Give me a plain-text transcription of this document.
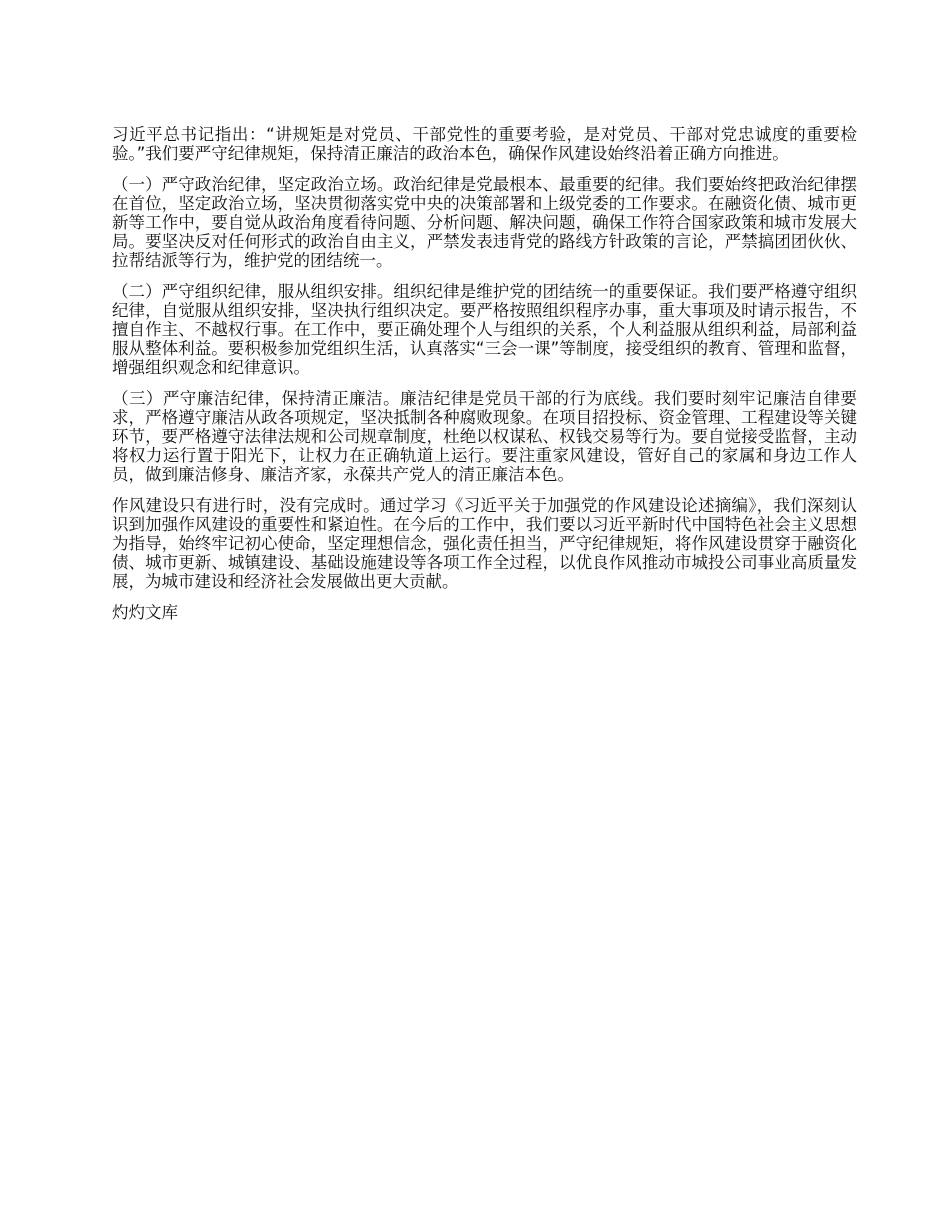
习近平总书记指出：“讲规矩是对党员、干部党性的重要考验，是对党员、干部对党忠诚度的重要检验。”我们要严守纪律规矩，保持清正廉洁的政治本色，确保作风建设始终沿着正确方向推进。

（一）严守政治纪律，坚定政治立场。政治纪律是党最根本、最重要的纪律。我们要始终把政治纪律摆在首位，坚定政治立场，坚决贯彻落实党中央的决策部署和上级党委的工作要求。在融资化债、城市更新等工作中，要自觉从政治角度看待问题、分析问题、解决问题，确保工作符合国家政策和城市发展大局。要坚决反对任何形式的政治自由主义，严禁发表违背党的路线方针政策的言论，严禁搞团团伙伙、拉帮结派等行为，维护党的团结统一。

（二）严守组织纪律，服从组织安排。组织纪律是维护党的团结统一的重要保证。我们要严格遵守组织纪律，自觉服从组织安排，坚决执行组织决定。要严格按照组织程序办事，重大事项及时请示报告，不擅自作主、不越权行事。在工作中，要正确处理个人与组织的关系，个人利益服从组织利益，局部利益服从整体利益。要积极参加党组织生活，认真落实“三会一课”等制度，接受组织的教育、管理和监督，增强组织观念和纪律意识。

（三）严守廉洁纪律，保持清正廉洁。廉洁纪律是党员干部的行为底线。我们要时刻牢记廉洁自律要求，严格遵守廉洁从政各项规定，坚决抵制各种腐败现象。在项目招投标、资金管理、工程建设等关键环节，要严格遵守法律法规和公司规章制度，杜绝以权谋私、权钱交易等行为。要自觉接受监督，主动将权力运行置于阳光下，让权力在正确轨道上运行。要注重家风建设，管好自己的家属和身边工作人员，做到廉洁修身、廉洁齐家，永葆共产党人的清正廉洁本色。

作风建设只有进行时，没有完成时。通过学习《习近平关于加强党的作风建设论述摘编》，我们深刻认识到加强作风建设的重要性和紧迫性。在今后的工作中，我们要以习近平新时代中国特色社会主义思想为指导，始终牢记初心使命，坚定理想信念，强化责任担当，严守纪律规矩，将作风建设贯穿于融资化债、城市更新、城镇建设、基础设施建设等各项工作全过程，以优良作风推动市城投公司事业高质量发展，为城市建设和经济社会发展做出更大贡献。

灼灼文库
